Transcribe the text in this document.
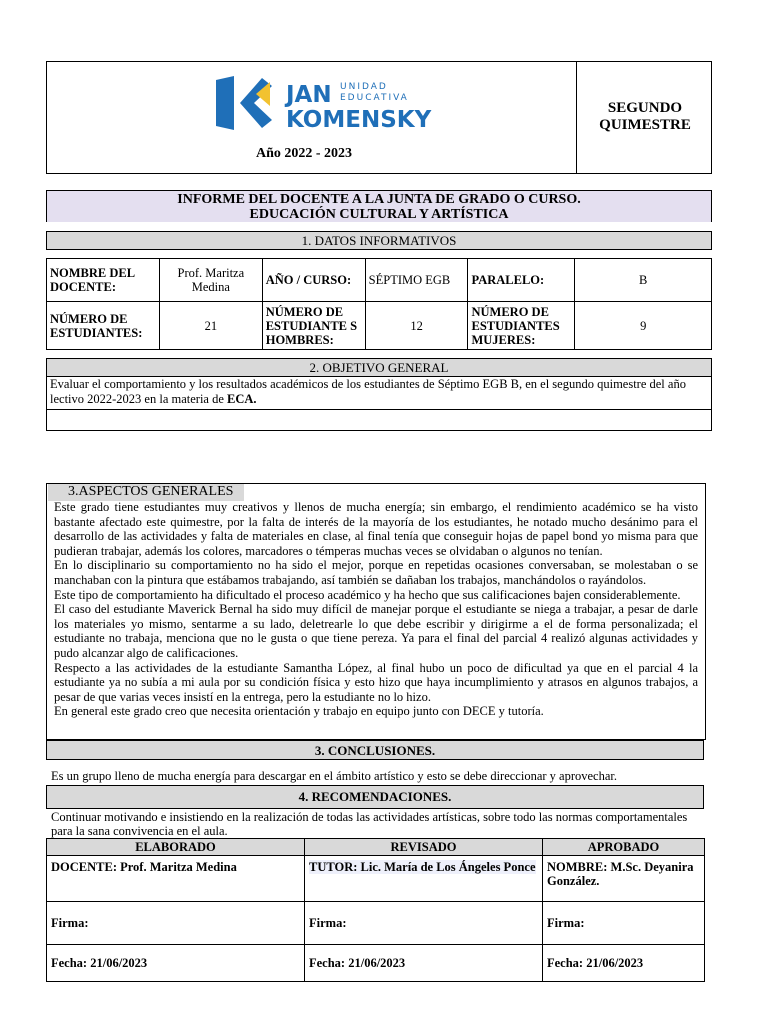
JAN UNIDAD
EDUCATIVA
KOMENSKY
Año 2022 - 2023
SEGUNDO
QUIMESTRE
INFORME DEL DOCENTE A LA JUNTA DE GRADO O CURSO.
EDUCACIÓN CULTURAL Y ARTÍSTICA
1. DATOS INFORMATIVOS
NOMBRE DEL DOCENTE:	Prof. Maritza Medina	AÑO / CURSO:	SÉPTIMO EGB	PARALELO:	B
NÚMERO DE ESTUDIANTES:	21	NÚMERO DE ESTUDIANTE S HOMBRES:	12	NÚMERO DE ESTUDIANTES MUJERES:	9
2. OBJETIVO GENERAL
Evaluar el comportamiento y los resultados académicos de los estudiantes de Séptimo EGB B, en el segundo quimestre del año lectivo 2022-2023 en la materia de ECA.
3.ASPECTOS GENERALES

Este grado tiene estudiantes muy creativos y llenos de mucha energía; sin embargo, el rendimiento académico se ha visto bastante afectado este quimestre, por la falta de interés de la mayoría de los estudiantes, he notado mucho desánimo para el desarrollo de las actividades y falta de materiales en clase, al final tenía que conseguir hojas de papel bond yo misma para que pudieran trabajar, además los colores, marcadores o témperas muchas veces se olvidaban o algunos no tenían.

En lo disciplinario su comportamiento no ha sido el mejor, porque en repetidas ocasiones conversaban, se molestaban o se manchaban con la pintura que estábamos trabajando, así también se dañaban los trabajos, manchándolos o rayándolos.

Este tipo de comportamiento ha dificultado el proceso académico y ha hecho que sus calificaciones bajen considerablemente.

El caso del estudiante Maverick Bernal ha sido muy difícil de manejar porque el estudiante se niega a trabajar, a pesar de darle los materiales yo mismo, sentarme a su lado, deletrearle lo que debe escribir y dirigirme a el de forma personalizada; el estudiante no trabaja, menciona que no le gusta o que tiene pereza. Ya para el final del parcial 4 realizó algunas actividades y pudo alcanzar algo de calificaciones.

Respecto a las actividades de la estudiante Samantha López, al final hubo un poco de dificultad ya que en el parcial 4 la estudiante ya no subía a mi aula por su condición física y esto hizo que haya incumplimiento y atrasos en algunos trabajos, a pesar de que varias veces insistí en la entrega, pero la estudiante no lo hizo.

En general este grado creo que necesita orientación y trabajo en equipo junto con DECE y tutoría.

3. CONCLUSIONES.
Es un grupo lleno de mucha energía para descargar en el ámbito artístico y esto se debe direccionar y aprovechar.
4. RECOMENDACIONES.
Continuar motivando e insistiendo en la realización de todas las actividades artísticas, sobre todo las normas comportamentales para la sana convivencia en el aula.
ELABORADO	REVISADO	APROBADO
DOCENTE: Prof. Maritza Medina	TUTOR: Lic. María de Los Ángeles Ponce	NOMBRE: M.Sc. Deyanira González.
Firma:	Firma:	Firma:
Fecha: 21/06/2023	Fecha: 21/06/2023	Fecha: 21/06/2023
